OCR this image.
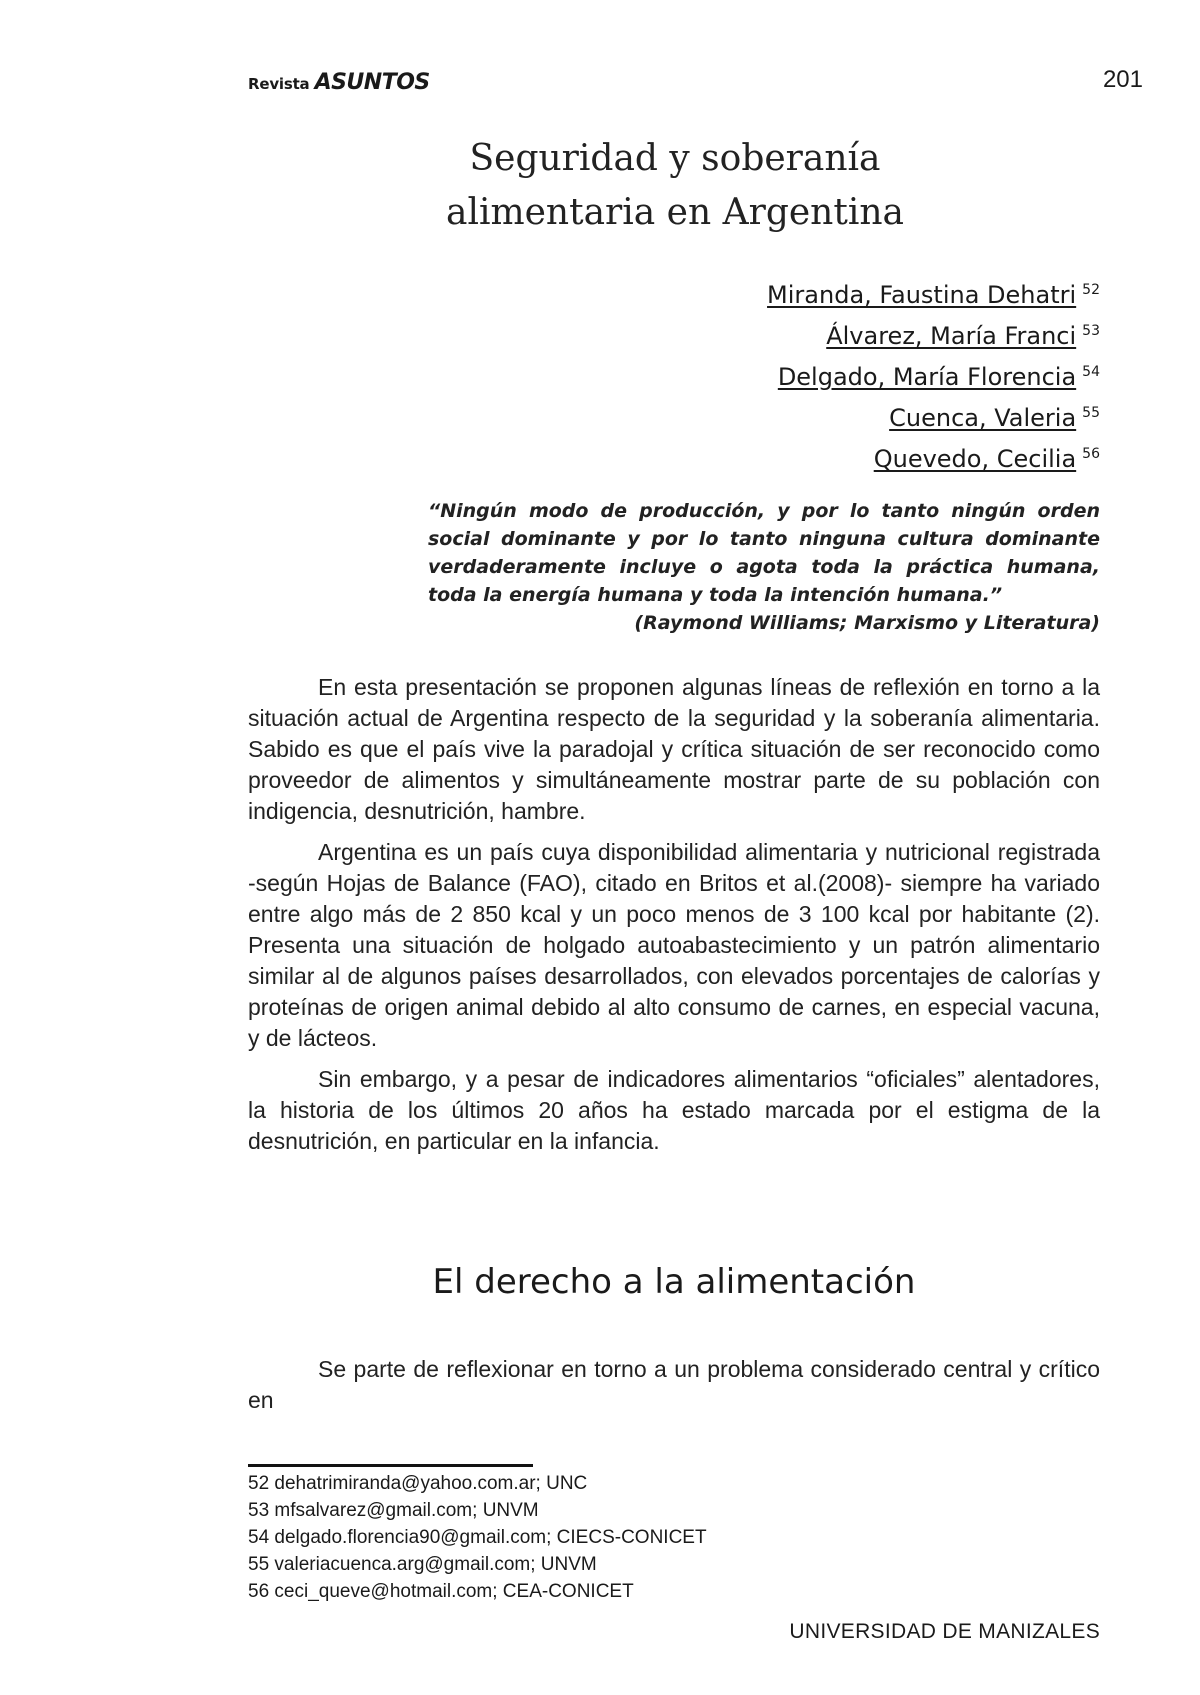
Revista ASUNTOS	201
Seguridad y soberanía
alimentaria en Argentina
Miranda, Faustina Dehatri $^{52}$
Álvarez, María Franci $^{53}$
Delgado, María Florencia $^{54}$
Cuenca, Valeria $^{55}$
Quevedo, Cecilia $^{56}$
“Ningún modo de producción, y por lo tanto ningún orden social dominante y por lo tanto ninguna cultura dominante verdaderamente incluye o agota toda la práctica humana, toda la energía humana y toda la intención humana.”
(Raymond Williams; Marxismo y Literatura)

En esta presentación se proponen algunas líneas de reflexión en torno a la situación actual de Argentina respecto de la seguridad y la soberanía alimentaria. Sabido es que el país vive la paradojal y crítica situación de ser reconocido como proveedor de alimentos y simultáneamente mostrar parte de su población con indigencia, desnutrición, hambre.

Argentina es un país cuya disponibilidad alimentaria y nutricional registrada -según Hojas de Balance (FAO), citado en Britos et al.(2008)- siempre ha variado entre algo más de 2 850 kcal y un poco menos de 3 100 kcal por habitante (2). Presenta una situación de holgado autoabastecimiento y un patrón alimentario similar al de algunos países desarrollados, con elevados porcentajes de calorías y proteínas de origen animal debido al alto consumo de carnes, en especial vacuna, y de lácteos.

Sin embargo, y a pesar de indicadores alimentarios “oficiales” alentadores, la historia de los últimos 20 años ha estado marcada por el estigma de la desnutrición, en particular en la infancia.

El derecho a la alimentación

Se parte de reflexionar en torno a un problema considerado central y crítico en

52 dehatrimiranda@yahoo.com.ar; UNC
53 mfsalvarez@gmail.com; UNVM
54 delgado.florencia90@gmail.com; CIECS-CONICET
55 valeriacuenca.arg@gmail.com; UNVM
56 ceci_queve@hotmail.com; CEA-CONICET
UNIVERSIDAD DE MANIZALES
